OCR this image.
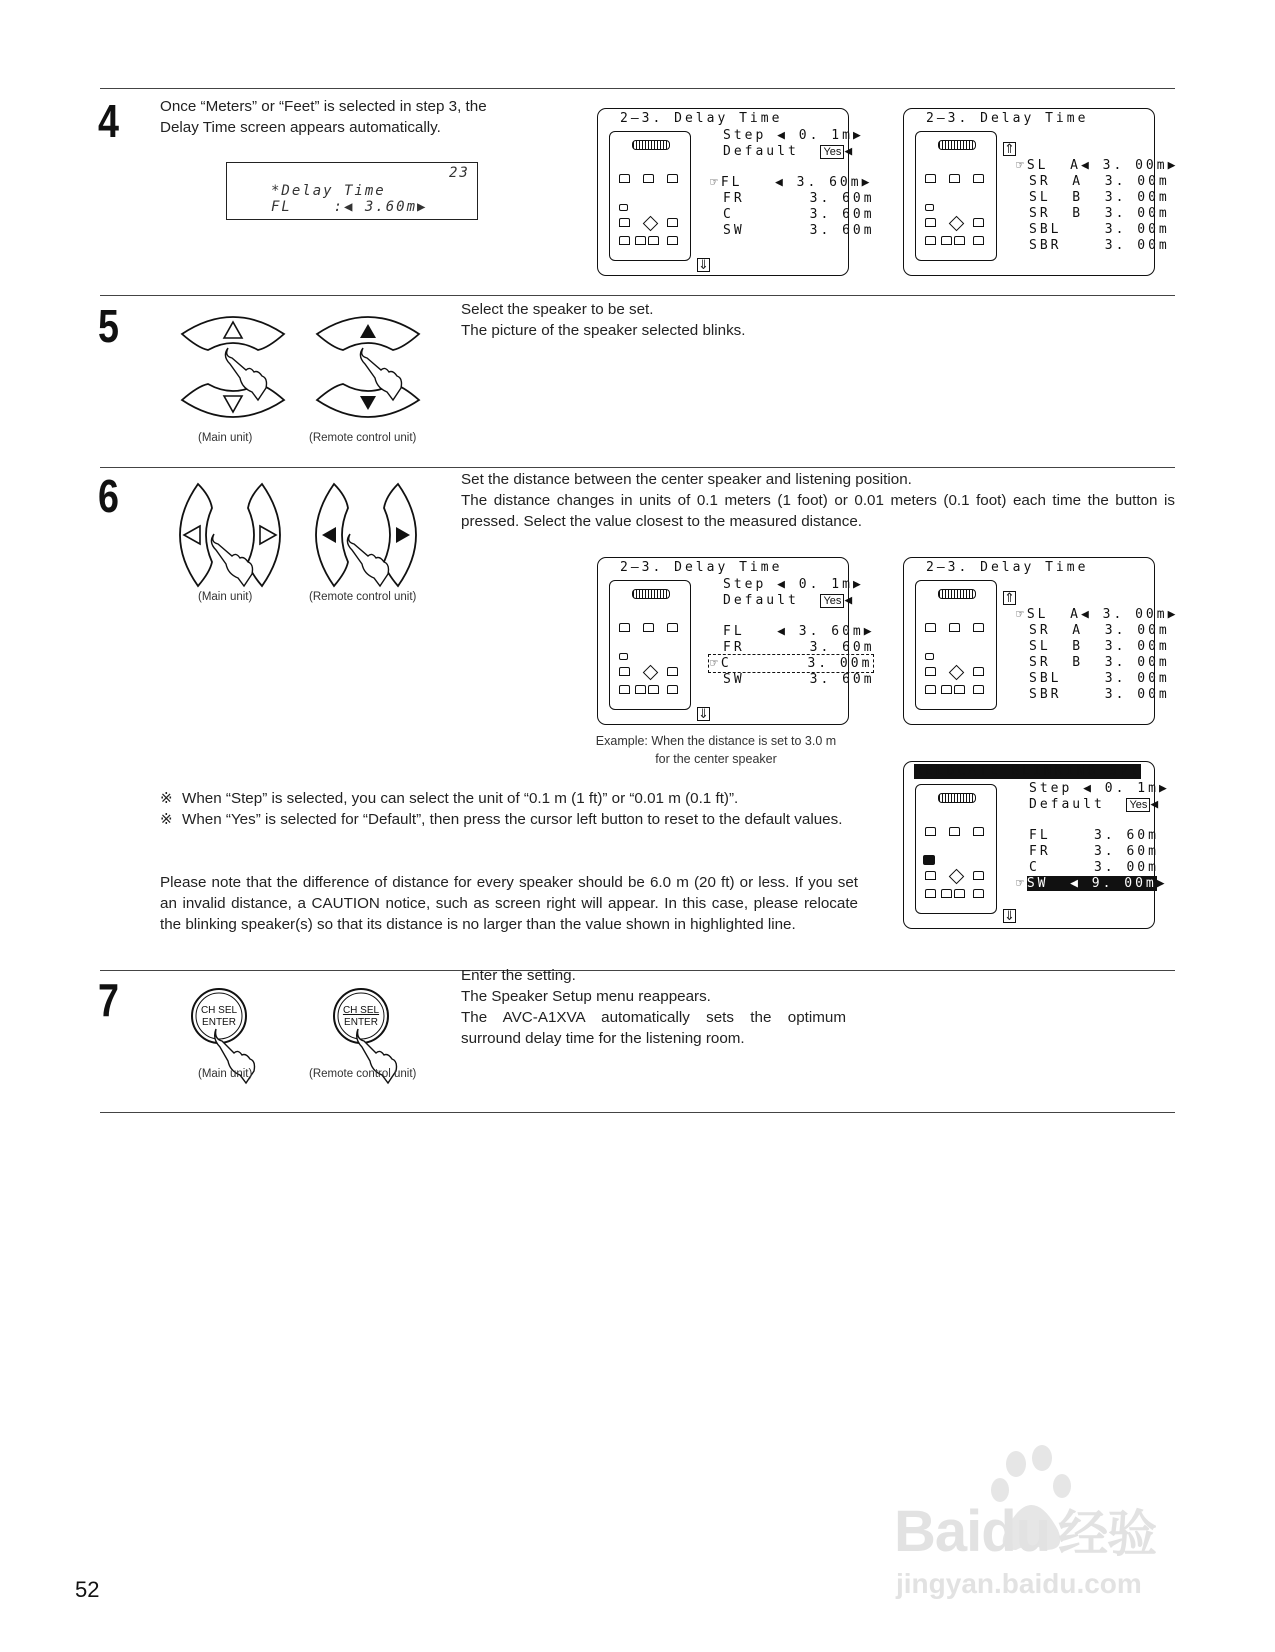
4	Once “Meters” or “Feet” is selected in step 3, the
Delay Time screen appears automatically.
23
*Delay Time
FL    :◀ 3.60m▶
2—3. Delay Time
Step ◀ 0. 1m▶
Default Yes ◀
☞FL   ◀ 3. 60m▶
FR	3. 60m
C	3. 60m
SW	3. 60m
⇓
2—3. Delay Time
⇑
☞SL  A◀ 3. 00m▶
SR  A 3. 00m
SL  B 3. 00m
SR  B 3. 00m
SBL	3. 00m
SBR	3. 00m
5
(Main unit)	(Remote control unit)
Select the speaker to be set.
The picture of the speaker selected blinks.
6
(Main unit)	(Remote control unit)
Set the distance between the center speaker and listening position.
The distance changes in units of 0.1 meters (1 foot) or 0.01 meters (0.1 foot) each time the button is pressed. Select the value closest to the measured distance.
2—3. Delay Time
Step ◀ 0. 1m▶
Default Yes ◀
FL   ◀ 3. 60m▶
FR	3. 60m
☞C	3. 00m
SW	3. 60m
⇓
2—3. Delay Time
⇑
☞SL  A◀ 3. 00m▶
SR  A 3. 00m
SL  B 3. 00m
SR  B 3. 00m
SBL	3. 00m
SBR	3. 00m
Example: When the distance is set to 3.0 m
for the center speaker
RELOCATE BLINKING SP!
Step ◀ 0. 1m▶
Default Yes ◀
FL	3. 60m
FR	3. 60m
C	3. 00m
☞SW  ◀ 9. 00m▶
⇓
※ When “Step” is selected, you can select the unit of “0.1 m (1 ft)” or “0.01 m (0.1 ft)”.
※ When “Yes” is selected for “Default”, then press the cursor left button to reset to the default values.
Please note that the difference of distance for every speaker should be 6.0 m (20 ft) or less. If you set an invalid distance, a CAUTION notice, such as screen right will appear. In this case, please relocate the blinking speaker(s) so that its distance is no larger than the value shown in highlighted line.
7	CH SEL
ENTER
CH SEL
ENTER
(Main unit)	(Remote control unit)
Enter the setting.
The Speaker Setup menu reappears.
The AVC-A1XVA automatically sets the optimum surround delay time for the listening room.
52
Baidu 经验
jingyan.baidu.com
